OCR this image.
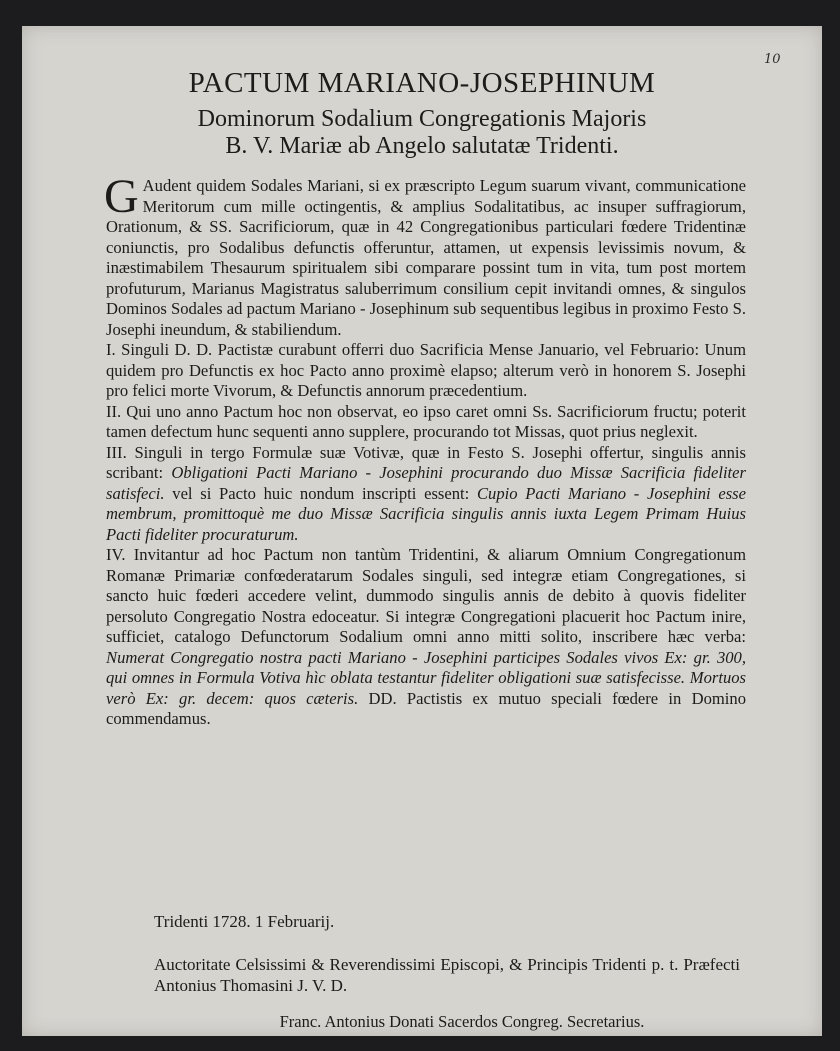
10
PACTUM MARIANO-JOSEPHINUM
Dominorum Sodalium Congregationis Majoris
B. V. Mariæ ab Angelo salutatæ Tridenti.

G Audent quidem Sodales Mariani, si ex præscripto Legum suarum vivant, communicatione Meritorum cum mille octingentis, & amplius Sodalitatibus, ac insuper suffragiorum, Orationum, & SS. Sacrificiorum, quæ in 42 Congregationibus particulari fœdere Tridentinæ coniunctis, pro Sodalibus defunctis offeruntur, attamen, ut expensis levissimis novum, & inæstimabilem Thesaurum spiritualem sibi comparare possint tum in vita, tum post mortem profuturum, Marianus Magistratus saluberrimum consilium cepit invitandi omnes, & singulos Dominos Sodales ad pactum Mariano - Josephinum sub sequentibus legibus in proximo Festo S. Josephi ineundum, & stabiliendum.

I. Singuli D. D. Pactistæ curabunt offerri duo Sacrificia Mense Januario, vel Februario: Unum quidem pro Defunctis ex hoc Pacto anno proximè elapso; alterum verò in honorem S. Josephi pro felici morte Vivorum, & Defunctis annorum præcedentium.

II. Qui uno anno Pactum hoc non observat, eo ipso caret omni Ss. Sacrificiorum fructu; poterit tamen defectum hunc sequenti anno supplere, procurando tot Missas, quot prius neglexit.

III. Singuli in tergo Formulæ suæ Votivæ, quæ in Festo S. Josephi offertur, singulis annis scribant: Obligationi Pacti Mariano - Josephini procurando duo Missæ Sacrificia fideliter satisfeci. vel si Pacto huic nondum inscripti essent: Cupio Pacti Mariano - Josephini esse membrum, promittoquè me duo Missæ Sacrificia singulis annis iuxta Legem Primam Huius Pacti fideliter procuraturum.

IV. Invitantur ad hoc Pactum non tantùm Tridentini, & aliarum Omnium Congregationum Romanæ Primariæ confœderatarum Sodales singuli, sed integræ etiam Congregationes, si sancto huic fœderi accedere velint, dummodo singulis annis de debito à quovis fideliter persoluto Congregatio Nostra edoceatur. Si integræ Congregationi placuerit hoc Pactum inire, sufficiet, catalogo Defunctorum Sodalium omni anno mitti solito, inscribere hæc verba: Numerat Congregatio nostra pacti Mariano - Josephini participes Sodales vivos Ex: gr. 300, qui omnes in Formula Votiva hìc oblata testantur fideliter obligationi suæ satisfecisse. Mortuos verò Ex: gr. decem: quos cæteris. DD. Pactistis ex mutuo speciali fœdere in Domino commendamus.

Tridenti 1728. 1 Februarij.
Auctoritate Celsissimi & Reverendissimi Episcopi, & Principis Tridenti p. t. Præfecti Antonius Thomasini J. V. D.
Franc. Antonius Donati Sacerdos Congreg. Secretarius.
